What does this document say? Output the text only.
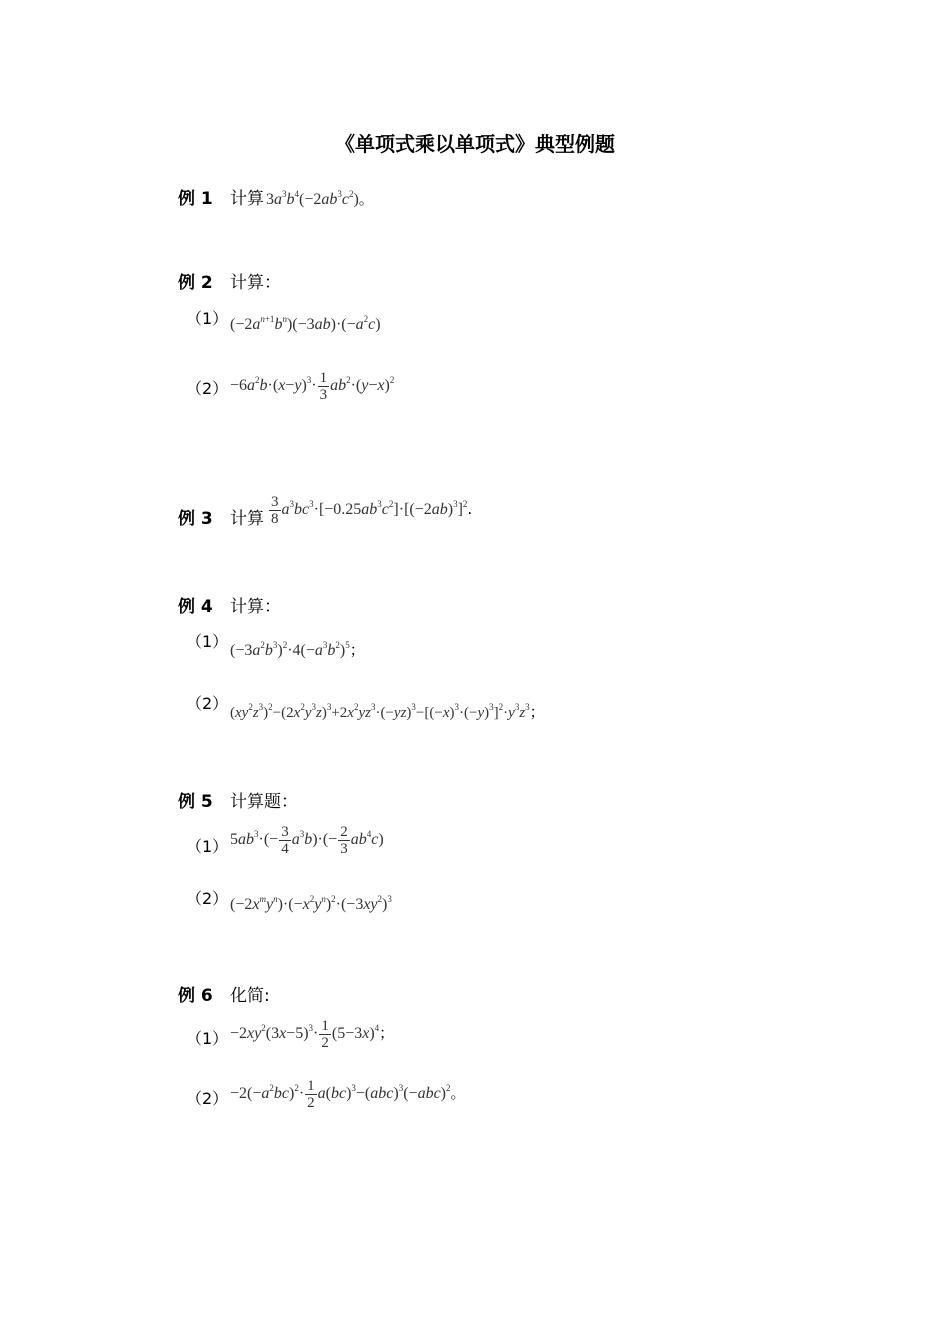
《单项式乘以单项式》典型例题
例 1 计算 $3a^3b^4(-2ab^3c^2)$。
例 2 计算：
（1） $(-2a^{n+1}b^n)(-3ab)\cdot(-a^2c)$
$(2) -6a^2b\cdot(x-y)^3\cdot \frac{1}{3} ab^2\cdot(y-x)^2$
例 3 计算 $\frac{3}{8} a^3bc^3\cdot[-0.25ab^3c^2]\cdot[(-2ab)^3]^2$.
例 4 计算：
（1） $(-3a^2b^3)^2\cdot 4(-a^3b^2)^5$；
（2） $(xy^2z^3)^2-(2x^2y^3z)^3+2x^2yz^3\cdot(-yz)^3-[(-x)^3\cdot(-y)^3]^2\cdot y^3z^3$；
例 5 计算题：
（1） $5ab^3\cdot(- \frac{3}{4} a^3b)\cdot(- \frac{2}{3} ab^4c)$
（2） $(-2x^my^n)\cdot(-x^2y^n)^2\cdot(-3xy^2)^3$
例 6 化简:
$(1) -2xy^2(3x-5)^3\cdot \frac{1}{2} (5-3x)^4$；
$(2) -2(-a^2bc)^2\cdot \frac{1}{2} a(bc)^3-(abc)^3(-abc)^2$。
